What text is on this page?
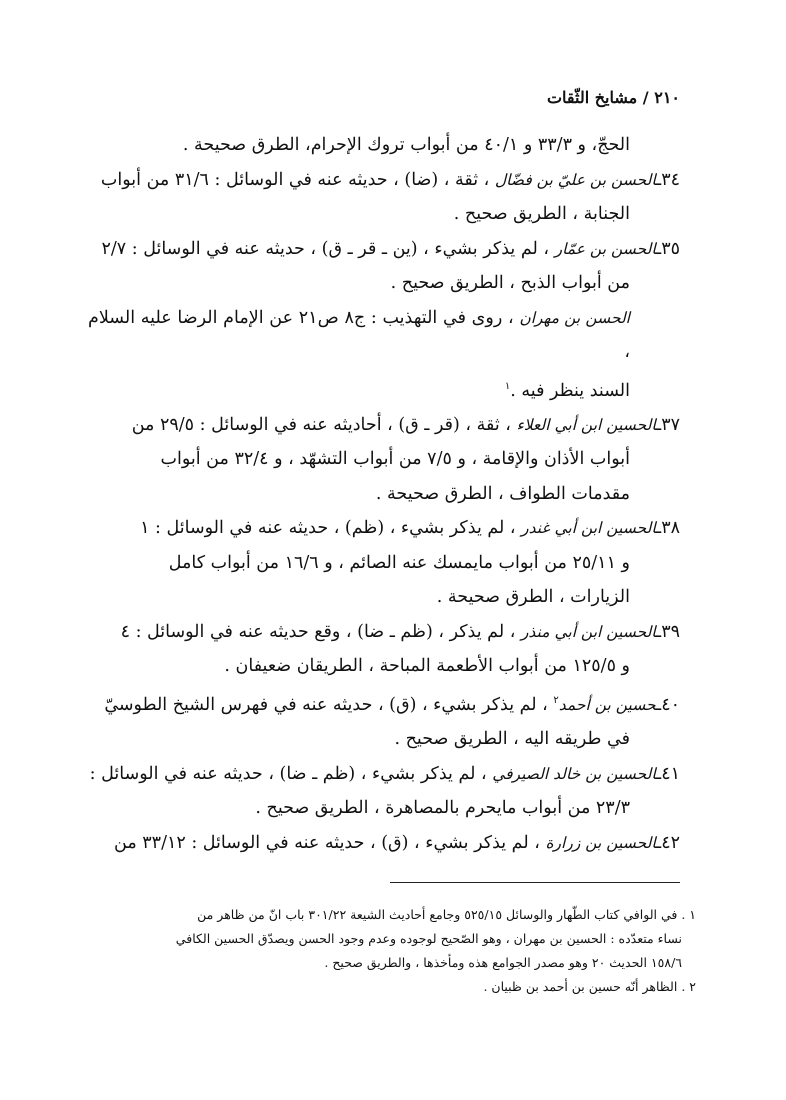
٢١٠ / مشايخ الثّقات

الحجّ، و ٣٣/٣ و ٤٠/١ من أبواب تروك الإحرام، الطرق صحيحة .

٣٤ـالحسن بن عليّ بن فضّال ، ثقة ، (ضا) ، حديثه عنه في الوسائل : ٣١/٦ من أبواب
الجنابة ، الطريق صحيح .

٣٥ـالحسن بن عمّار ، لم يذكر بشيء ، (ين ـ قر ـ ق) ، حديثه عنه في الوسائل : ٢/٧
من أبواب الذبح ، الطريق صحيح .

الحسن بن مهران ، روى في التهذيب : ج٨ ص٢١ عن الإمام الرضا عليه السلام ،
السند ينظر فيه .$^١$

٣٧ـالحسين ابن أبي العلاء ، ثقة ، (قر ـ ق) ، أحاديثه عنه في الوسائل : ٢٩/٥ من
أبواب الأذان والإقامة ، و ٧/٥ من أبواب التشهّد ، و ٣٢/٤ من أبواب
مقدمات الطواف ، الطرق صحيحة .

٣٨ـالحسين ابن أبي غندر ، لم يذكر بشيء ، (ظم) ، حديثه عنه في الوسائل : ١
و ٢٥/١١ من أبواب مايمسك عنه الصائم ، و ١٦/٦ من أبواب كامل
الزيارات ، الطرق صحيحة .

٣٩ـالحسين ابن أبي منذر ، لم يذكر ، (ظم ـ ضا) ، وقع حديثه عنه في الوسائل : ٤
و ١٢٥/٥ من أبواب الأطعمة المباحة ، الطريقان ضعيفان .

٤٠ـحسين بن أحمد$^٢$ ، لم يذكر بشيء ، (ق) ، حديثه عنه في فهرس الشيخ الطوسيّ
في طريقه اليه ، الطريق صحيح .

٤١ـالحسين بن خالد الصيرفي ، لم يذكر بشيء ، (ظم ـ ضا) ، حديثه عنه في الوسائل :
٢٣/٣ من أبواب مايحرم بالمصاهرة ، الطريق صحيح .

٤٢ـالحسين بن زرارة ، لم يذكر بشيء ، (ق) ، حديثه عنه في الوسائل : ٣٣/١٢ من

١ . في الوافي كتاب الطّهار والوسائل ٥٢٥/١٥ وجامع أحاديث الشيعة ٣٠١/٢٢ باب انّ من ظاهر من
نساء متعدّده : الحسين بن مهران ، وهو الصّحيح لوجوده وعدم وجود الحسن ويصدّق الحسين الكافي
١٥٨/٦ الحديث ٢٠ وهو مصدر الجوامع هذه ومأخذها ، والطريق صحيح .

٢ . الظاهر أنّه حسين بن أحمد بن ظبيان .
